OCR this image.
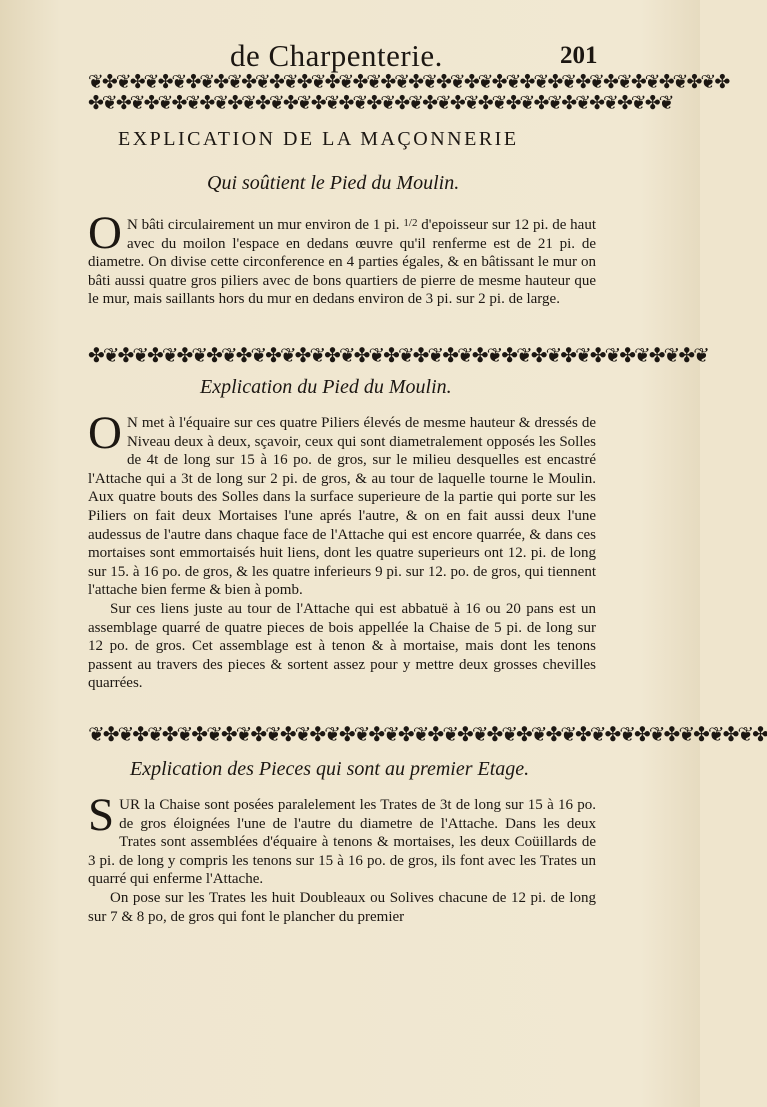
de Charpenterie.	201
❦✤❦✤❦✤❦✤❦✤❦✤❦✤❦✤❦✤❦✤❦✤❦✤❦✤❦✤❦✤❦✤❦✤❦✤❦✤❦✤❦✤❦✤❦✤
✤❦✤❦✤❦✤❦✤❦✤❦✤❦✤❦✤❦✤❦✤❦✤❦✤❦✤❦✤❦✤❦✤❦✤❦✤❦✤❦✤❦
EXPLICATION DE LA MAÇONNERIE
Qui soûtient le Pied du Moulin.

O N bâti circulairement un mur environ de 1 pi. $^{1/2}$ d'epoisseur sur 12 pi. de haut avec du moilon l'espace en dedans œuvre qu'il renferme est de 21 pi. de diametre. On divise cette circonference en 4 parties égales, & en bâtissant le mur on bâti aussi quatre gros piliers avec de bons quartiers de pierre de mesme hauteur que le mur, mais saillants hors du mur en dedans environ de 3 pi. sur 2 pi. de large.

✤❦✤❦✤❦✤❦✤❦✤❦✤❦✤❦✤❦✤❦✤❦✤❦✤❦✤❦✤❦✤❦✤❦✤❦✤❦✤❦✤❦
Explication du Pied du Moulin.

O N met à l'équaire sur ces quatre Piliers élevés de mesme hauteur & dressés de Niveau deux à deux, sçavoir, ceux qui sont diametralement opposés les Solles de 4t de long sur 15 à 16 po. de gros, sur le milieu desquelles est encastré l'Attache qui a 3t de long sur 2 pi. de gros, & au tour de laquelle tourne le Moulin. Aux quatre bouts des Solles dans la surface superieure de la partie qui porte sur les Piliers on fait deux Mortaises l'une aprés l'autre, & on en fait aussi deux l'une audessus de l'autre dans chaque face de l'Attache qui est encore quarrée, & dans ces mortaises sont emmortaisés huit liens, dont les quatre superieurs ont 12. pi. de long sur 15. à 16 po. de gros, & les quatre inferieurs 9 pi. sur 12. po. de gros, qui tiennent l'attache bien ferme & bien à pomb.

Sur ces liens juste au tour de l'Attache qui est abbatuë à 16 ou 20 pans est un assemblage quarré de quatre pieces de bois appellée la Chaise de 5 pi. de long sur 12 po. de gros. Cet assemblage est à tenon & à mortaise, mais dont les tenons passent au travers des pieces & sortent assez pour y mettre deux grosses chevilles quarrées.

❦✤❦✤❦✤❦✤❦✤❦✤❦✤❦✤❦✤❦✤❦✤❦✤❦✤❦✤❦✤❦✤❦✤❦✤❦✤❦✤❦✤❦✤❦✤
Explication des Pieces qui sont au premier Etage.

SUR la Chaise sont posées paralelement les Trates de 3t de long sur 15 à 16 po. de gros éloignées l'une de l'autre du diametre de l'Attache. Dans les deux Trates sont assemblées d'équaire à tenons & mortaises, les deux Coüillards de 3 pi. de long y compris les tenons sur 15 à 16 po. de gros, ils font avec les Trates un quarré qui enferme l'Attache.

On pose sur les Trates les huit Doubleaux ou Solives chacune de 12 pi. de long sur 7 & 8 po, de gros qui font le plancher du premier
